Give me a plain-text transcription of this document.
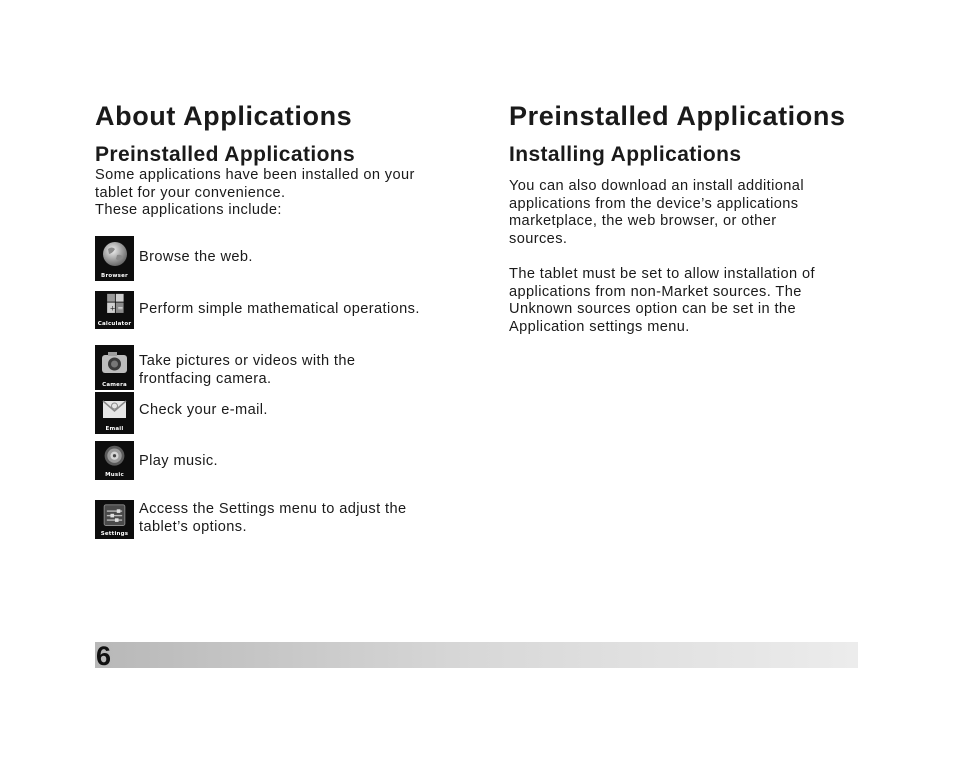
About Applications
Preinstalled Applications

Some applications have been installed on your
tablet for your convenience.
These applications include:

Browser
Browse the web.
+ =
Calculator
Perform simple mathematical operations.
Camera
Take pictures or videos with the
frontfacing camera.
Email
Check your e-mail.
Music
Play music.
Settings
Access the Settings menu to adjust the
tablet’s options.
Preinstalled Applications
Installing Applications

You can also download an install additional
applications from the device’s applications
marketplace, the web browser, or other
sources.

The tablet must be set to allow installation of
applications from non-Market sources. The
Unknown sources option can be set in the
Application settings menu.

6
